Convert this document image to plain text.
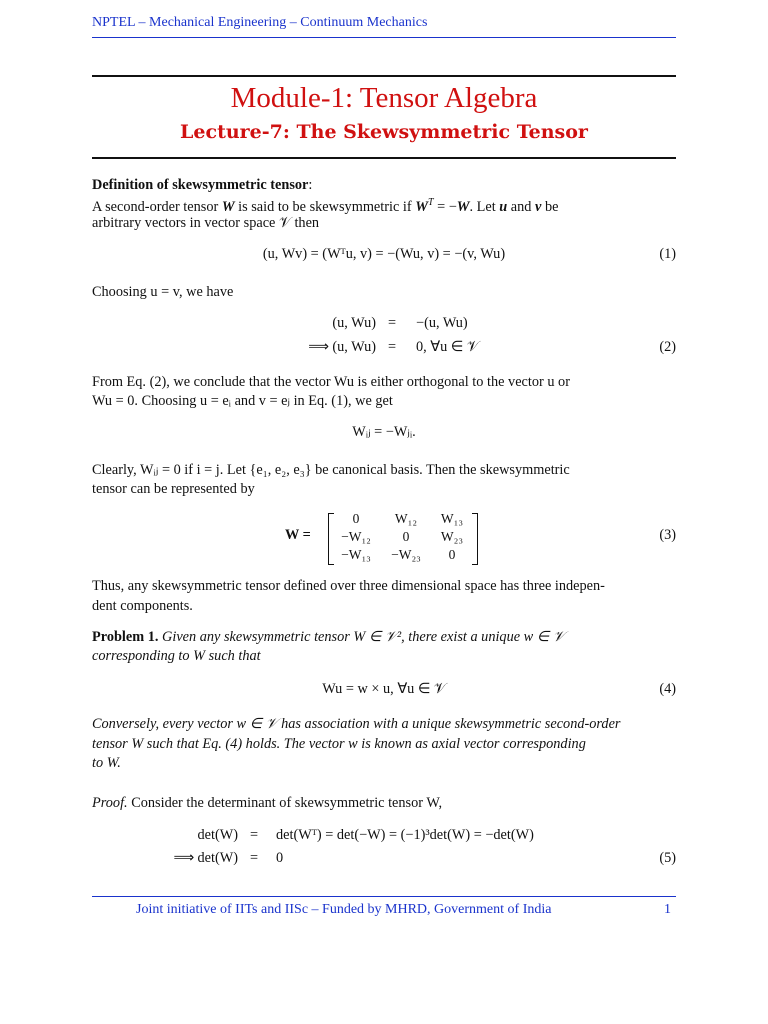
NPTEL – Mechanical Engineering – Continuum Mechanics
Module-1: Tensor Algebra
Lecture-7: The Skewsymmetric Tensor
Definition of skewsymmetric tensor:
A second-order tensor W is said to be skewsymmetric if $W^T = -W$. Let u and v be
arbitrary vectors in vector space 𝒱 then
(u, Wv) = (Wᵀu, v) = −(Wu, v) = −(v, Wu)	(1)
Choosing u = v, we have
(u, Wu) = −(u, Wu)
⟹ (u, Wu) = 0, ∀u ∈ 𝒱	(2)
From Eq. (2), we conclude that the vector Wu is either orthogonal to the vector u or
Wu = 0. Choosing u = eᵢ and v = eⱼ in Eq. (1), we get
Wᵢⱼ = −Wⱼᵢ.
Clearly, Wᵢⱼ = 0 if i = j. Let {e₁, e₂, e₃} be canonical basis. Then the skewsymmetric
tensor can be represented by
W =
0	W₁₂	W₁₃
−W₁₂	0	W₂₃
−W₁₃	−W₂₃	0
(3)
Thus, any skewsymmetric tensor defined over three dimensional space has three indepen-
dent components.
Problem 1. Given any skewsymmetric tensor W ∈ 𝒱², there exist a unique w ∈ 𝒱
corresponding to W such that
Wu = w × u, ∀u ∈ 𝒱	(4)
Conversely, every vector w ∈ 𝒱 has association with a unique skewsymmetric second-order
tensor W such that Eq. (4) holds. The vector w is known as axial vector corresponding
to W.
Proof. Consider the determinant of skewsymmetric tensor W,
det(W) = det(Wᵀ) = det(−W) = (−1)³det(W) = −det(W)
⟹ det(W) = 0	(5)
Joint initiative of IITs and IISc – Funded by MHRD, Government of India	1
